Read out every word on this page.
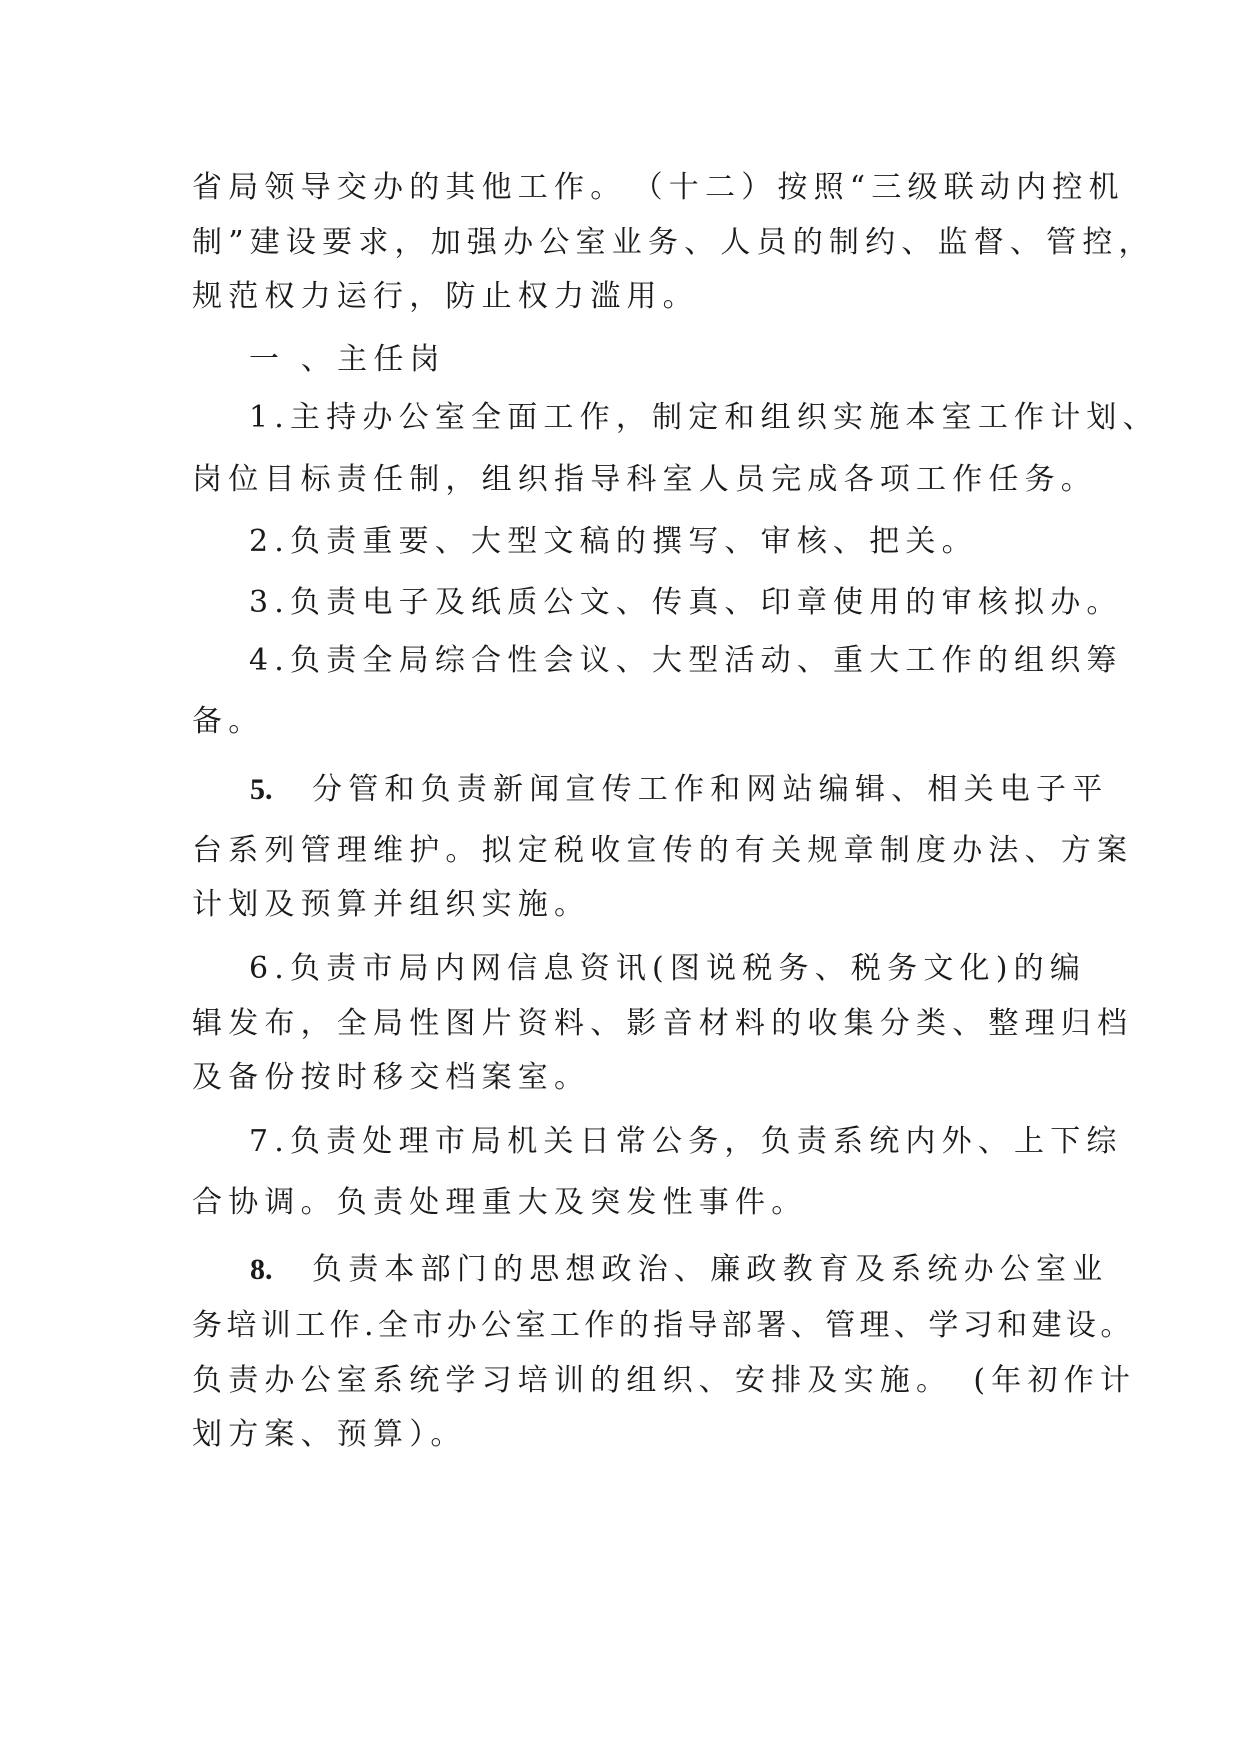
省局领导交办的其他工作。　（十二）按照“三级联动内控机

制”建设要求，加强办公室业务、人员的制约、监督、管控，

规范权力运行，防止权力滥用。

一 、主任岗

1.主持办公室全面工作，制定和组织实施本室工作计划、

岗位目标责任制，组织指导科室人员完成各项工作任务。

2.负责重要、大型文稿的撰写、审核、把关。

3.负责电子及纸质公文、传真、印章使用的审核拟办。

4.负责全局综合性会议、大型活动、重大工作的组织筹

备。

5. 分管和负责新闻宣传工作和网站编辑、相关电子平

台系列管理维护。拟定税收宣传的有关规章制度办法、方案

计划及预算并组织实施。

6.负责市局内网信息资讯(图说税务、税务文化)的编

辑发布，全局性图片资料、影音材料的收集分类、整理归档

及备份按时移交档案室。

7.负责处理市局机关日常公务，负责系统内外、上下综

合协调。负责处理重大及突发性事件。

8. 负责本部门的思想政治、廉政教育及系统办公室业

务培训工作.全市办公室工作的指导部署、管理、学习和建设。

负责办公室系统学习培训的组织、安排及实施。　(年初作计

划方案、预算）。
